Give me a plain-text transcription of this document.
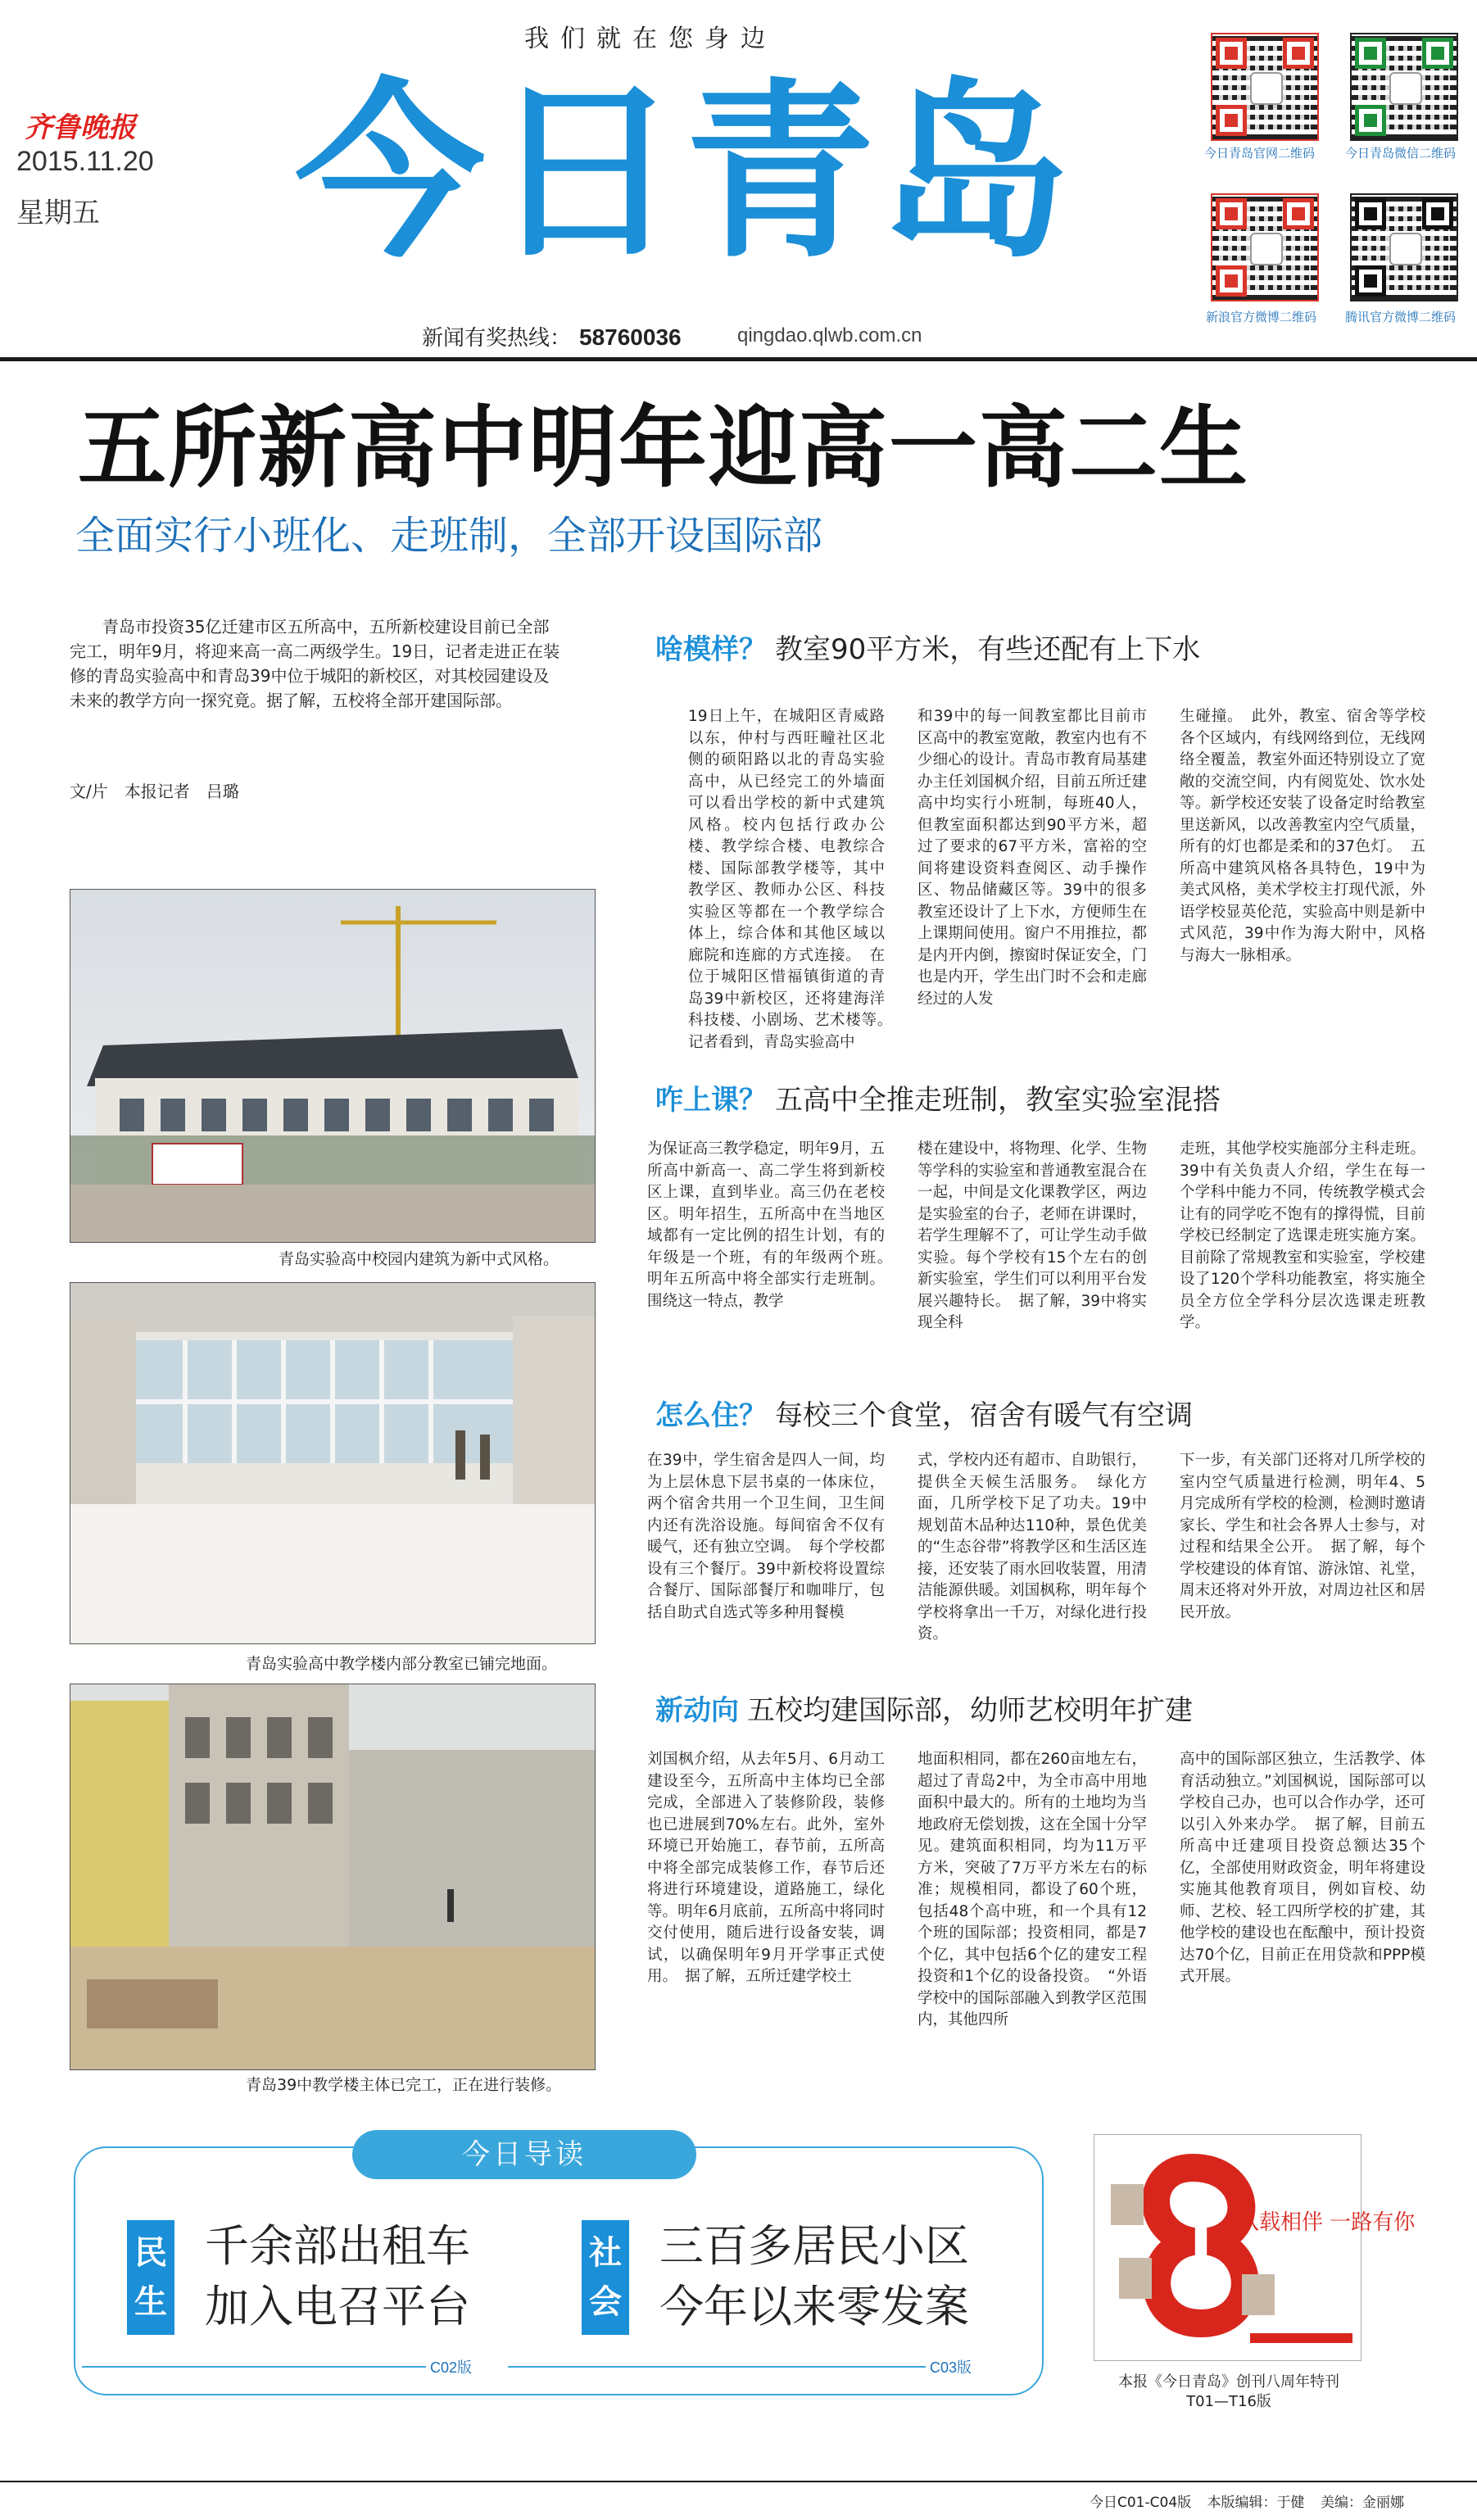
我们就在您身边
齐鲁晚报
2015.11.20
星期五 今日青岛
新闻有奖热线： 58760036	qingdao.qlwb.com.cn
今日青岛官网二维码 今日青岛微信二维码
新浪官方微博二维码 腾讯官方微博二维码
五所新高中明年迎高一高二生
全面实行小班化、走班制，全部开设国际部

青岛市投资35亿迁建市区五所高中，五所新校建设目前已全部完工，明年9月，将迎来高一高二两级学生。19日，记者走进正在装修的青岛实验高中和青岛39中位于城阳的新校区，对其校园建设及未来的教学方向一探究竟。据了解，五校将全部开建国际部。

文/片　本报记者　吕璐
青岛实验高中校园内建筑为新中式风格。
青岛实验高中教学楼内部分教室已铺完地面。
青岛39中教学楼主体已完工，正在进行装修。
啥模样？ 教室90平方米，有些还配有上下水
19日上午，在城阳区青威路以东，仲村与西旺疃社区北侧的硕阳路以北的青岛实验高中，从已经完工的外墙面可以看出学校的新中式建筑风格。校内包括行政办公楼、教学综合楼、电教综合楼、国际部教学楼等，其中教学区、教师办公区、科技实验区等都在一个教学综合体上，综合体和其他区域以廊院和连廊的方式连接。　在位于城阳区惜福镇街道的青岛39中新校区，还将建海洋科技楼、小剧场、艺术楼等。　记者看到，青岛实验高中
和39中的每一间教室都比目前市区高中的教室宽敞，教室内也有不少细心的设计。青岛市教育局基建办主任刘国枫介绍，目前五所迁建高中均实行小班制，每班40人，但教室面积都达到90平方米，超过了要求的67平方米，富裕的空间将建设资料查阅区、动手操作区、物品储藏区等。39中的很多教室还设计了上下水，方便师生在上课期间使用。窗户不用推拉，都是内开内倒，擦窗时保证安全，门也是内开，学生出门时不会和走廊经过的人发
生碰撞。　此外，教室、宿舍等学校各个区域内，有线网络到位，无线网络全覆盖，教室外面还特别设立了宽敞的交流空间，内有阅览处、饮水处等。新学校还安装了设备定时给教室里送新风，以改善教室内空气质量，所有的灯也都是柔和的37色灯。　五所高中建筑风格各具特色，19中为美式风格，美术学校主打现代派，外语学校显英伦范，实验高中则是新中式风范，39中作为海大附中，风格与海大一脉相承。
咋上课？ 五高中全推走班制，教室实验室混搭
为保证高三教学稳定，明年9月，五所高中新高一、高二学生将到新校区上课，直到毕业。高三仍在老校区。明年招生，五所高中在当地区域都有一定比例的招生计划，有的年级是一个班，有的年级两个班。　明年五所高中将全部实行走班制。围绕这一特点，教学
楼在建设中，将物理、化学、生物等学科的实验室和普通教室混合在一起，中间是文化课教学区，两边是实验室的台子，老师在讲课时，若学生理解不了，可让学生动手做实验。每个学校有15个左右的创新实验室，学生们可以利用平台发展兴趣特长。　据了解，39中将实现全科
走班，其他学校实施部分主科走班。39中有关负责人介绍，学生在每一个学科中能力不同，传统教学模式会让有的同学吃不饱有的撑得慌，目前学校已经制定了选课走班实施方案。目前除了常规教室和实验室，学校建设了120个学科功能教室，将实施全员全方位全学科分层次选课走班教学。
怎么住？ 每校三个食堂，宿舍有暖气有空调
在39中，学生宿舍是四人一间，均为上层休息下层书桌的一体床位，两个宿舍共用一个卫生间，卫生间内还有洗浴设施。每间宿舍不仅有暖气，还有独立空调。　每个学校都设有三个餐厅。39中新校将设置综合餐厅、国际部餐厅和咖啡厅，包括自助式自选式等多种用餐模
式，学校内还有超市、自助银行，提供全天候生活服务。　绿化方面，几所学校下足了功夫。19中规划苗木品种达110种，景色优美的“生态谷带”将教学区和生活区连接，还安装了雨水回收装置，用清洁能源供暖。刘国枫称，明年每个学校将拿出一千万，对绿化进行投资。
下一步，有关部门还将对几所学校的室内空气质量进行检测，明年4、5月完成所有学校的检测，检测时邀请家长、学生和社会各界人士参与，对过程和结果全公开。　据了解，每个学校建设的体育馆、游泳馆、礼堂，周末还将对外开放，对周边社区和居民开放。
新动向 五校均建国际部，幼师艺校明年扩建
刘国枫介绍，从去年5月、6月动工建设至今，五所高中主体均已全部完成，全部进入了装修阶段，装修也已进展到70%左右。此外，室外环境已开始施工，春节前，五所高中将全部完成装修工作，春节后还将进行环境建设，道路施工，绿化等。明年6月底前，五所高中将同时交付使用，随后进行设备安装，调试，以确保明年9月开学事正式使用。　据了解，五所迁建学校土
地面积相同，都在260亩地左右，超过了青岛2中，为全市高中用地面积中最大的。所有的土地均为当地政府无偿划拨，这在全国十分罕见。建筑面积相同，均为11万平方米，突破了7万平方米左右的标准；规模相同，都设了60个班，包括48个高中班，和一个具有12个班的国际部；投资相同，都是7个亿，其中包括6个亿的建安工程投资和1个亿的设备投资。　“外语学校中的国际部融入到教学区范围内，其他四所
高中的国际部区独立，生活教学、体育活动独立。”刘国枫说，国际部可以学校自己办，也可以合作办学，还可以引入外来办学。　据了解，目前五所高中迁建项目投资总额达35个亿，全部使用财政资金，明年将建设实施其他教育项目，例如盲校、幼师、艺校、轻工四所学校的扩建，其他学校的建设也在酝酿中，预计投资达70个亿，目前正在用贷款和PPP模式开展。
今日导读
民生
千余部出租车
加入电召平台
C02版
社会
三百多居民小区
今年以来零发案
C03版
八载相伴 一路有你
本报《今日青岛》创刊八周年特刊
T01—T16版
今日C01-C04版 本版编辑：于健 美编：金丽娜
